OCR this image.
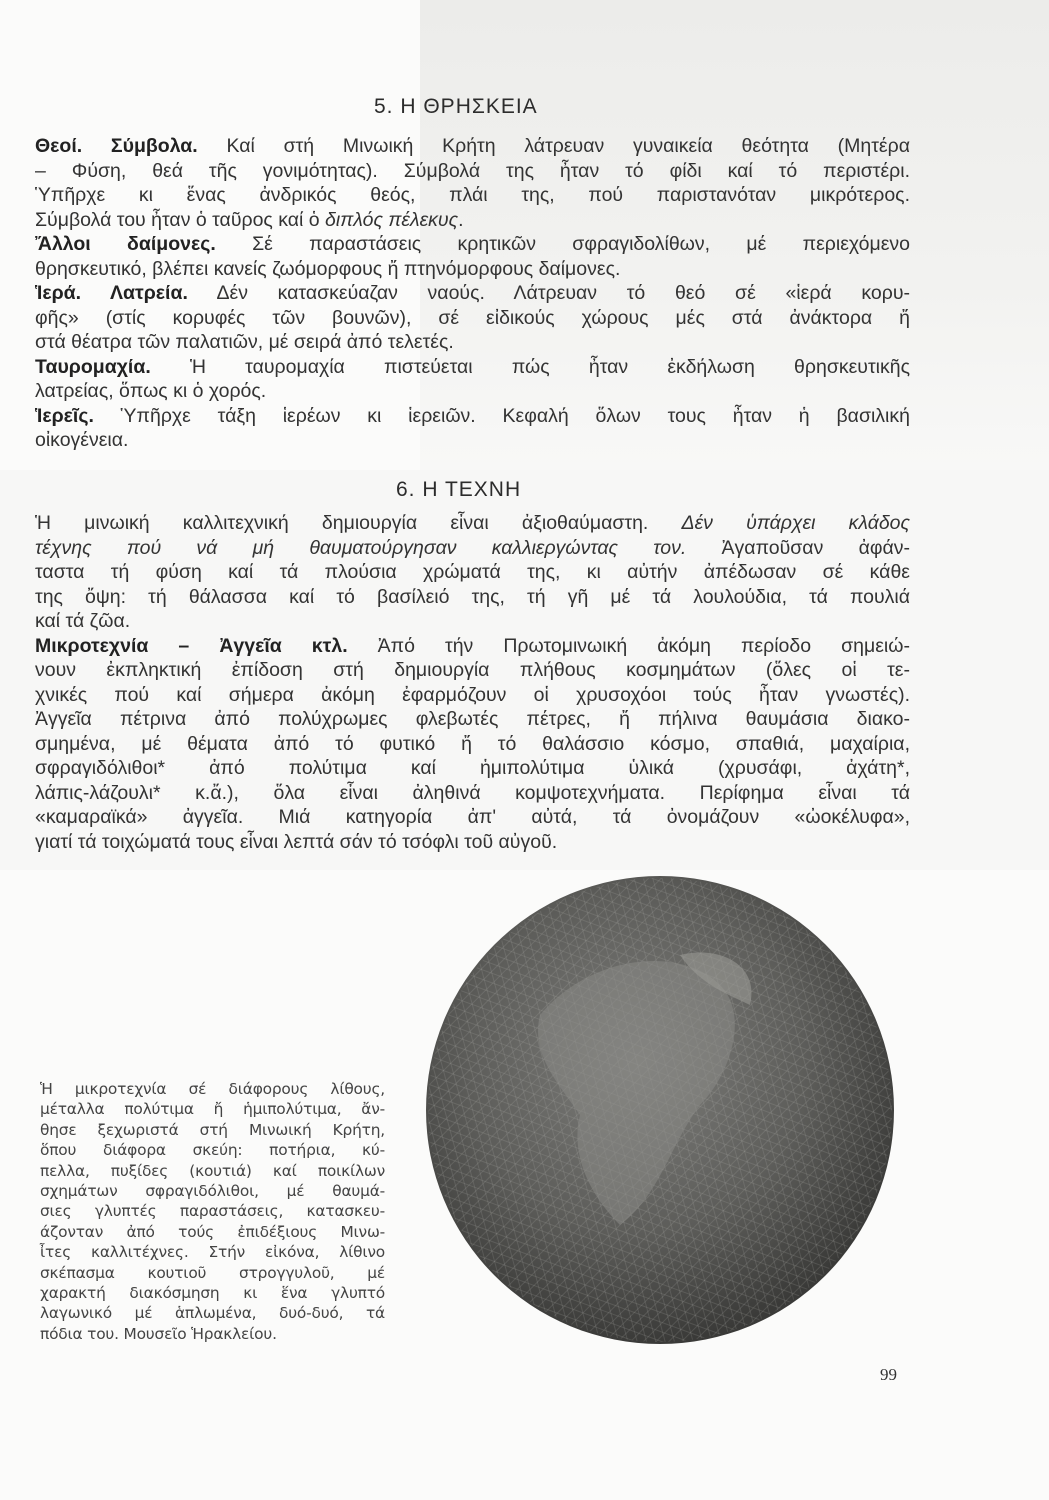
5. Η ΘΡΗΣΚΕΙΑ
Θεοί. Σύμβολα. Καί στή Μινωική Κρήτη λάτρευαν γυναικεία θεότητα (Μητέρα
– Φύση, θεά τῆς γονιμότητας). Σύμβολά της ἦταν τό φίδι καί τό περιστέρι.
Ὑπῆρχε κι ἕνας ἀνδρικός θεός, πλάι της, πού παριστανόταν μικρότερος.
Σύμβολά του ἦταν ὁ ταῦρος καί ὁ διπλός πέλεκυς.
Ἄλλοι δαίμονες. Σέ παραστάσεις κρητικῶν σφραγιδολίθων, μέ περιεχόμενο
θρησκευτικό, βλέπει κανείς ζωόμορφους ἤ πτηνόμορφους δαίμονες.
Ἱερά. Λατρεία. Δέν κατασκεύαζαν ναούς. Λάτρευαν τό θεό σέ «ἱερά κορυ-
φῆς» (στίς κορυφές τῶν βουνῶν), σέ εἰδικούς χώρους μές στά ἀνάκτορα ἤ
στά θέατρα τῶν παλατιῶν, μέ σειρά ἀπό τελετές.
Ταυρομαχία. Ἡ ταυρομαχία πιστεύεται πώς ἦταν ἐκδήλωση θρησκευτικῆς
λατρείας, ὅπως κι ὁ χορός.
Ἱερεῖς. Ὑπῆρχε τάξη ἱερέων κι ἱερειῶν. Κεφαλή ὅλων τους ἦταν ἡ βασιλική
οἰκογένεια.
6. Η ΤΕΧΝΗ
Ἡ μινωική καλλιτεχνική δημιουργία εἶναι ἀξιοθαύμαστη. Δέν ὑπάρχει κλάδος
τέχνης πού νά μή θαυματούργησαν καλλιεργώντας τον. Ἀγαποῦσαν ἀφάν-
ταστα τή φύση καί τά πλούσια χρώματά της, κι αὐτήν ἀπέδωσαν σέ κάθε
της ὄψη: τή θάλασσα καί τό βασίλειό της, τή γῆ μέ τά λουλούδια, τά πουλιά
καί τά ζῶα.
Μικροτεχνία – Ἀγγεῖα κτλ. Ἀπό τήν Πρωτομινωική ἀκόμη περίοδο σημειώ-
νουν ἐκπληκτική ἐπίδοση στή δημιουργία πλήθους κοσμημάτων (ὅλες οἱ τε-
χνικές πού καί σήμερα ἀκόμη ἐφαρμόζουν οἱ χρυσοχόοι τούς ἦταν γνωστές).
Ἀγγεῖα πέτρινα ἀπό πολύχρωμες φλεβωτές πέτρες, ἤ πήλινα θαυμάσια διακο-
σμημένα, μέ θέματα ἀπό τό φυτικό ἤ τό θαλάσσιο κόσμο, σπαθιά, μαχαίρια,
σφραγιδόλιθοι* ἀπό πολύτιμα καί ἡμιπολύτιμα ὑλικά (χρυσάφι, ἀχάτη*,
λάπις-λάζουλι* κ.ἄ.), ὅλα εἶναι ἀληθινά κομψοτεχνήματα. Περίφημα εἶναι τά
«καμαραϊκά» ἀγγεῖα. Μιά κατηγορία ἀπ' αὐτά, τά ὀνομάζουν «ὠοκέλυφα»,
γιατί τά τοιχώματά τους εἶναι λεπτά σάν τό τσόφλι τοῦ αὐγοῦ.
Ἡ μικροτεχνία σέ διάφορους λίθους,
μέταλλα πολύτιμα ἤ ἡμιπολύτιμα, ἄν-
θησε ξεχωριστά στή Μινωική Κρήτη,
ὅπου διάφορα σκεύη: ποτήρια, κύ-
πελλα, πυξίδες (κουτιά) καί ποικίλων
σχημάτων σφραγιδόλιθοι, μέ θαυμά-
σιες γλυπτές παραστάσεις, κατασκευ-
άζονταν ἀπό τούς ἐπιδέξιους Μινω-
ἶτες καλλιτέχνες. Στήν εἰκόνα, λίθινο
σκέπασμα κουτιοῦ στρογγυλοῦ, μέ
χαρακτή διακόσμηση κι ἕνα γλυπτό
λαγωνικό μέ ἁπλωμένα, δυό-δυό, τά
πόδια του. Μουσεῖο Ἡρακλείου.
99
